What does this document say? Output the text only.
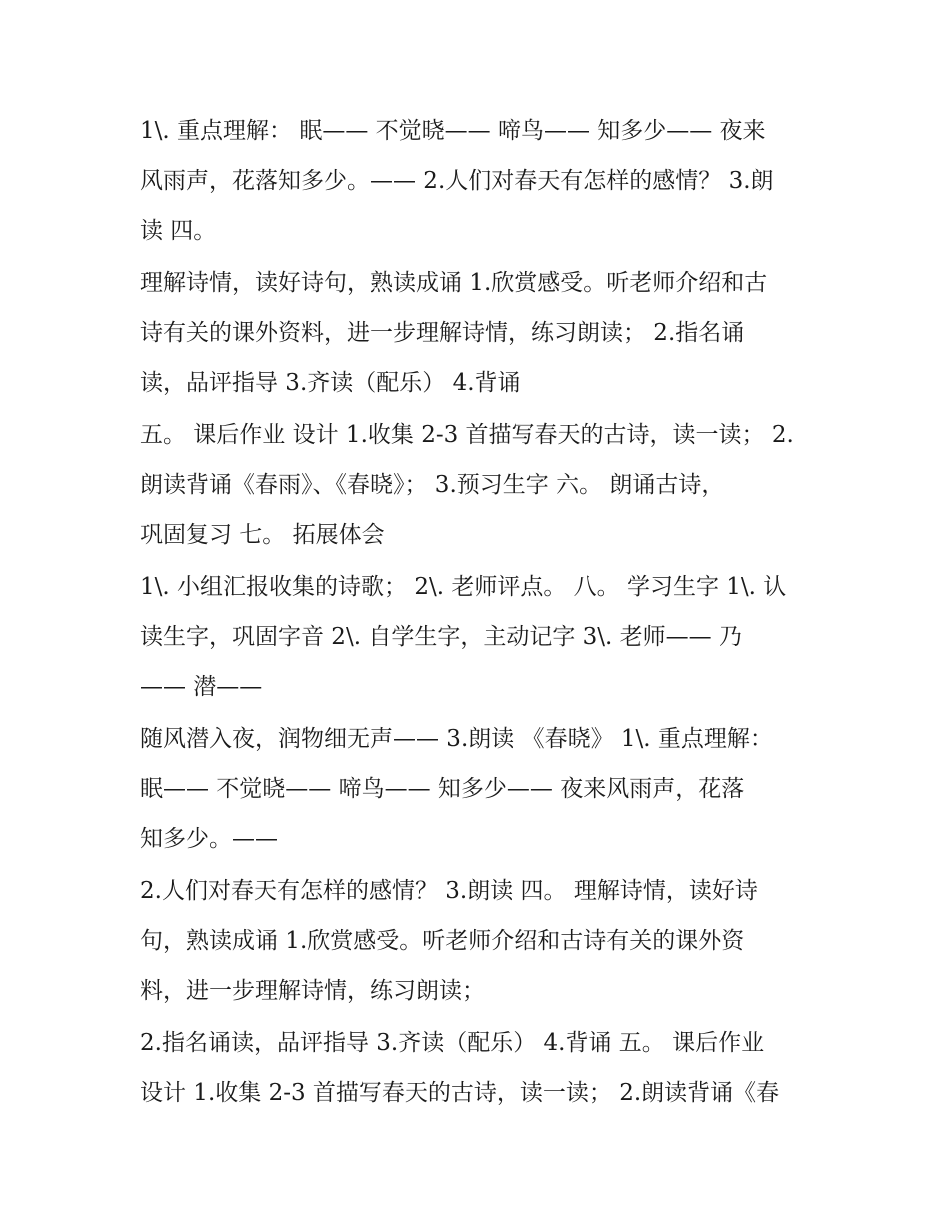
1\. 重点理解： 眠—— 不觉晓—— 啼鸟—— 知多少—— 夜来

风雨声，花落知多少。—— 2.人们对春天有怎样的感情？ 3.朗

读 四。

理解诗情，读好诗句，熟读成诵 1.欣赏感受。听老师介绍和古

诗有关的课外资料，进一步理解诗情，练习朗读； 2.指名诵

读，品评指导 3.齐读（配乐） 4.背诵

五。 课后作业 设计 1.收集 2-3 首描写春天的古诗，读一读； 2.

朗读背诵《春雨》、《春晓》； 3.预习生字 六。 朗诵古诗，

巩固复习 七。 拓展体会

1\. 小组汇报收集的诗歌； 2\. 老师评点。 八。 学习生字 1\. 认

读生字，巩固字音 2\. 自学生字，主动记字 3\. 老师—— 乃

—— 潜——

随风潜入夜，润物细无声—— 3.朗读 《春晓》 1\. 重点理解：

眠—— 不觉晓—— 啼鸟—— 知多少—— 夜来风雨声，花落

知多少。——

2.人们对春天有怎样的感情？ 3.朗读 四。 理解诗情，读好诗

句，熟读成诵 1.欣赏感受。听老师介绍和古诗有关的课外资

料，进一步理解诗情，练习朗读；

2.指名诵读，品评指导 3.齐读（配乐） 4.背诵 五。 课后作业

设计 1.收集 2-3 首描写春天的古诗，读一读； 2.朗读背诵《春
